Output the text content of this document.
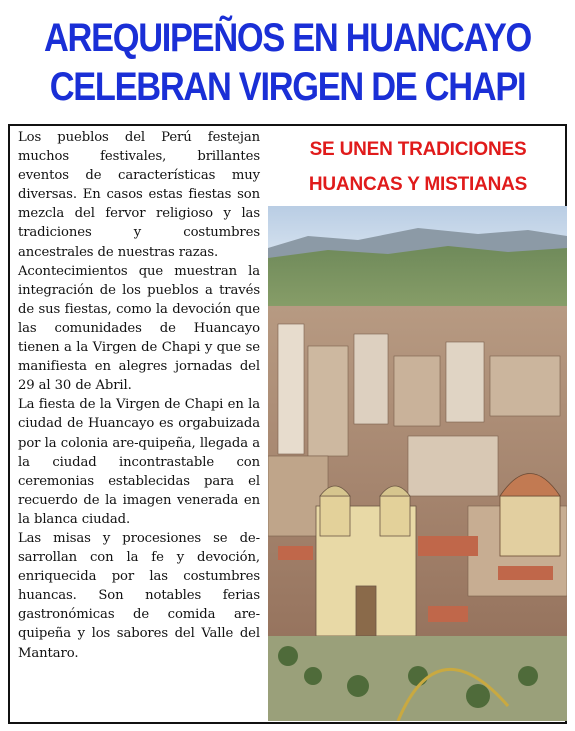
AREQUIPEÑOS EN HUANCAYO
CELEBRAN VIRGEN DE CHAPI

Los pueblos del Perú festejan muchos festivales, brillantes eventos de características muy diversas. En casos estas fiestas son mezcla del fervor religioso y las tradiciones y costumbres ancestrales de nuestras razas.

Acontecimientos que muestran la integración de los pueblos a través de sus fiestas, como la devoción que las comunidades de Huancayo tienen a la Virgen de Chapi y que se manifiesta en alegres jornadas del 29 al 30 de Abril.

La fiesta de la Virgen de Chapi en la ciudad de Huancayo es orgabuizada por la colonia are-quipeña, llegada a la ciudad incontrastable con ceremonias establecidas para el recuerdo de la imagen venerada en la blanca ciudad.

Las misas y procesiones se de-sarrollan con la fe y devoción, enriquecida por las costumbres huancas. Son notables ferias gastronómicas de comida are-quipeña y los sabores del Valle del Mantaro.

SE UNEN TRADICIONES
HUANCAS Y MISTIANAS
